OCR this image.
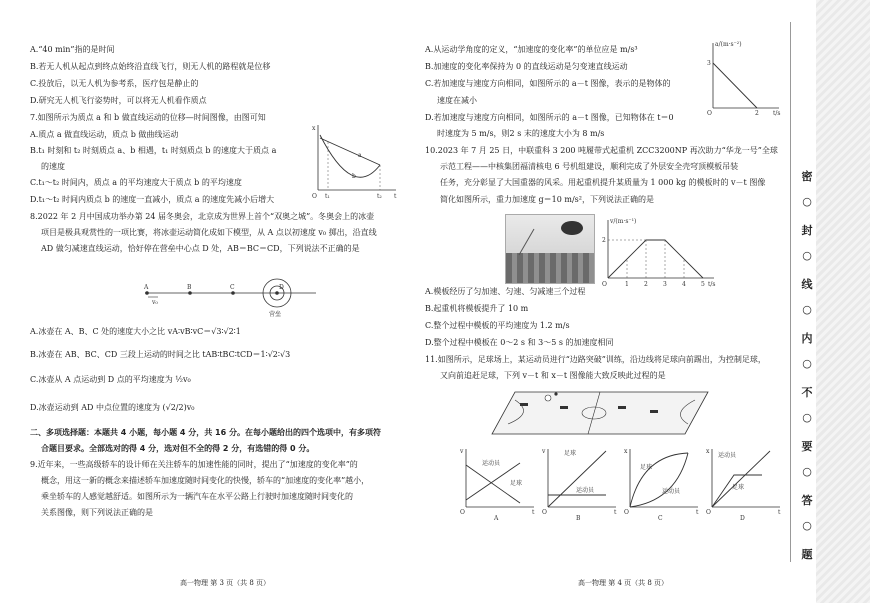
A.“40 min”指的是时间
B.若无人机从起点到终点始终沿直线飞行，则无人机的路程就是位移
C.投放后，以无人机为参考系，医疗包是静止的
D.研究无人机飞行姿势时，可以将无人机看作质点
7.如图所示为质点 a 和 b 做直线运动的位移—时间图像，由图可知
A.质点 a 做直线运动，质点 b 做曲线运动
B.t₁ 时刻和 t₂ 时刻质点 a、b 相遇，t₁ 时刻质点 b 的速度大于质点 a
的速度
C.t₁～t₂ 时间内，质点 a 的平均速度大于质点 b 的平均速度
D.t₁～t₂ 时间内质点 b 的速度一直减小，质点 a 的速度先减小后增大
x
a
b
O t₁	t₂ t
8.2022 年 2 月中国成功举办第 24 届冬奥会，北京成为世界上首个“双奥之城”。冬奥会上的冰壶
项目是极具观赏性的一项比赛，将冰壶运动简化成如下模型，从 A 点以初速度 v₀ 掷出，沿直线
AD 做匀减速直线运动，恰好停在营垒中心点 D 处，AB＝BC＝CD，下列说法不正确的是
A
v₀
B	C	D
营垒
A.冰壶在 A、B、C 处的速度大小之比 vA∶vB∶vC＝√3∶√2∶1
B.冰壶在 AB、BC、CD 三段上运动的时间之比 tAB∶tBC∶tCD＝1∶√2∶√3
C.冰壶从 A 点运动到 D 点的平均速度为 ½v₀
D.冰壶运动到 AD 中点位置的速度为 (√2/2)v₀
二、多项选择题：本题共 4 小题，每小题 4 分，共 16 分。在每小题给出的四个选项中，有多项符
合题目要求。全部选对的得 4 分，选对但不全的得 2 分，有选错的得 0 分。
9.近年来，一些高级轿车的设计师在关注轿车的加速性能的同时，提出了“加速度的变化率”的
概念，用这一新的概念来描述轿车加速度随时间变化的快慢，轿车的“加速度的变化率”越小，
乘坐轿车的人感觉越舒适。如图所示为一辆汽车在水平公路上行驶时加速度随时间变化的
关系图像，则下列说法正确的是
高一物理 第 3 页（共 8 页）
A.从运动学角度的定义，“加速度的变化率”的单位应是 m/s³
B.加速度的变化率保持为 0 的直线运动是匀变速直线运动
C.若加速度与速度方向相同，如图所示的 a－t 图像，表示的是物体的
速度在减小
D.若加速度与速度方向相同，如图所示的 a－t 图像，已知物体在 t＝0
时速度为 5 m/s，则2 s 末的速度大小为 8 m/s
a/(m·s⁻²)
3
O	2 t/s
10.2023 年 7 月 25 日，中联重科 3 200 吨履带式起重机 ZCC3200NP 再次助力“华龙一号”全球
示范工程——中核集团福清核电 6 号机组建设，顺利完成了外层安全壳穹顶模板吊装
任务，充分彰显了大国重器的风采。用起重机提升某质量为 1 000 kg 的模板时的 v－t 图像
简化如图所示，重力加速度 g＝10 m/s²，下列说法正确的是
v/(m·s⁻¹)
2
O	1	2	3	4	5 t/s
A.模板经历了匀加速、匀速、匀减速三个过程
B.起重机将模板提升了 10 m
C.整个过程中模板的平均速度为 1.2 m/s
D.整个过程中模板在 0～2 s 和 3～5 s 的加速度相同
11.如图所示，足球场上，某运动员进行“边路突破”训练，沿边线将足球向前踢出，为控制足球，
又向前追赶足球，下列 v－t 和 x－t 图像能大致反映此过程的是
v
O	t
运动员
足球
A
v
O	t
足球
运动员
B
x
O	t
足球
运动员
C
x
O	t
运动员
足球
D
高一物理 第 4 页（共 8 页）
密
○
封
○
线
○
内
○
不
○
要
○
答
○
题
